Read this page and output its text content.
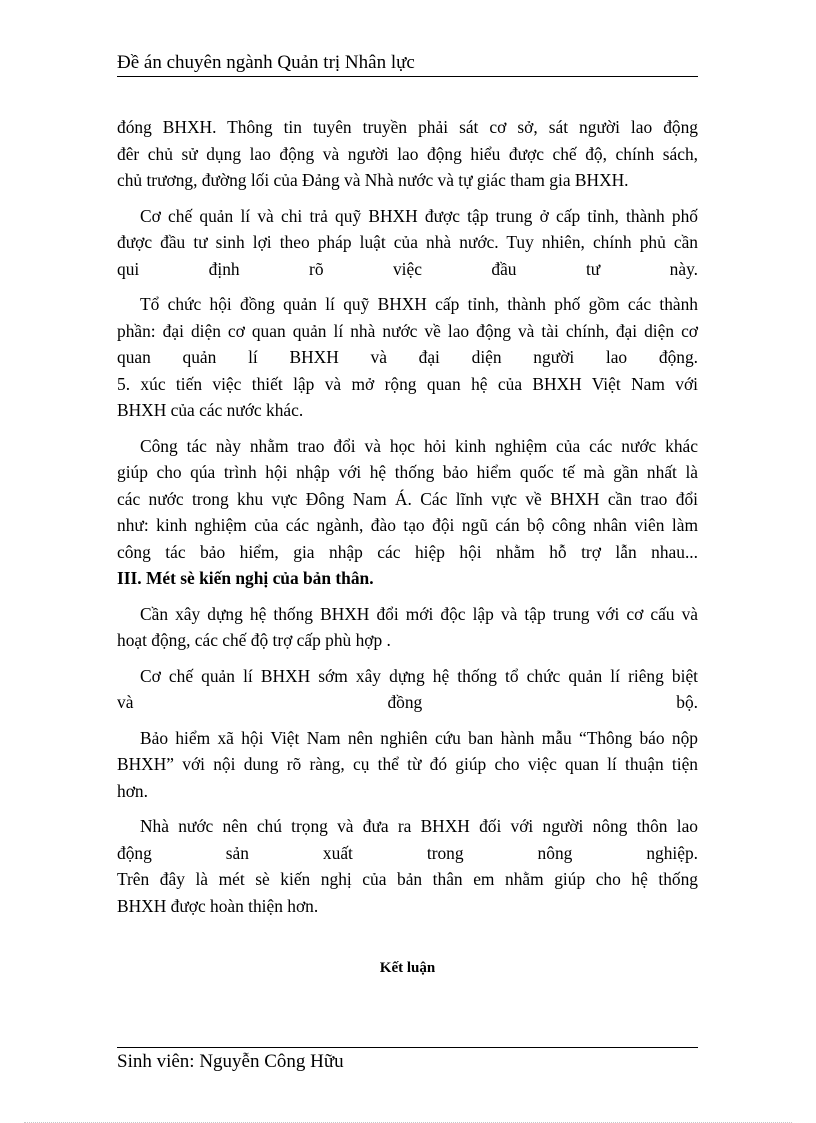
Đề án chuyên ngành Quản trị Nhân lực

đóng BHXH. Thông tin tuyên truyền phải sát cơ sở, sát người lao động

đêr chủ sử dụng lao động và người lao động hiểu được chế độ, chính sách,

chủ trương, đường lối của Đảng và Nhà nước và tự giác tham gia BHXH.

Cơ chế quản lí và chi trả quỹ BHXH được tập trung ở cấp tỉnh, thành phố

được đầu tư sinh lợi theo pháp luật của nhà nước. Tuy nhiên, chính phủ cần

qui định rõ việc đầu tư này.

Tổ chức hội đồng quản lí quỹ BHXH cấp tỉnh, thành phố gồm các thành

phần: đại diện cơ quan quản lí nhà nước về lao động và tài chính, đại diện cơ

quan quản lí BHXH và đại diện người lao động.

5. xúc tiến việc thiết lập và mở rộng quan hệ của BHXH Việt Nam với

BHXH của các nước khác.

Công tác này nhằm trao đổi và học hỏi kinh nghiệm của các nước khác

giúp cho qúa trình hội nhập với hệ thống bảo hiểm quốc tế mà gần nhất là

các nước trong khu vực Đông Nam Á. Các lĩnh vực về BHXH cần trao đổi

như: kinh nghiệm của các ngành, đào tạo đội ngũ cán bộ công nhân viên làm

công tác bảo hiểm, gia nhập các hiệp hội nhằm hỗ trợ lẫn nhau...

III. Mét sè kiến nghị của bản thân.

Cần xây dựng hệ thống BHXH đổi mới độc lập và tập trung với cơ cấu và

hoạt động, các chế độ trợ cấp phù hợp .

Cơ chế quản lí BHXH sớm xây dựng hệ thống tổ chức quản lí riêng biệt

và đồng bộ.

Bảo hiểm xã hội Việt Nam nên nghiên cứu ban hành mẫu “Thông báo nộp

BHXH” với nội dung rõ ràng, cụ thể từ đó giúp cho việc quan lí thuận tiện

hơn.

Nhà nước nên chú trọng và đưa ra BHXH đối với người nông thôn lao

động sản xuất trong nông nghiệp.

Trên đây là mét sè kiến nghị của bản thân em nhằm giúp cho hệ thống

BHXH được hoàn thiện hơn.

Kết luận
Sinh viên: Nguyễn Công Hữu
